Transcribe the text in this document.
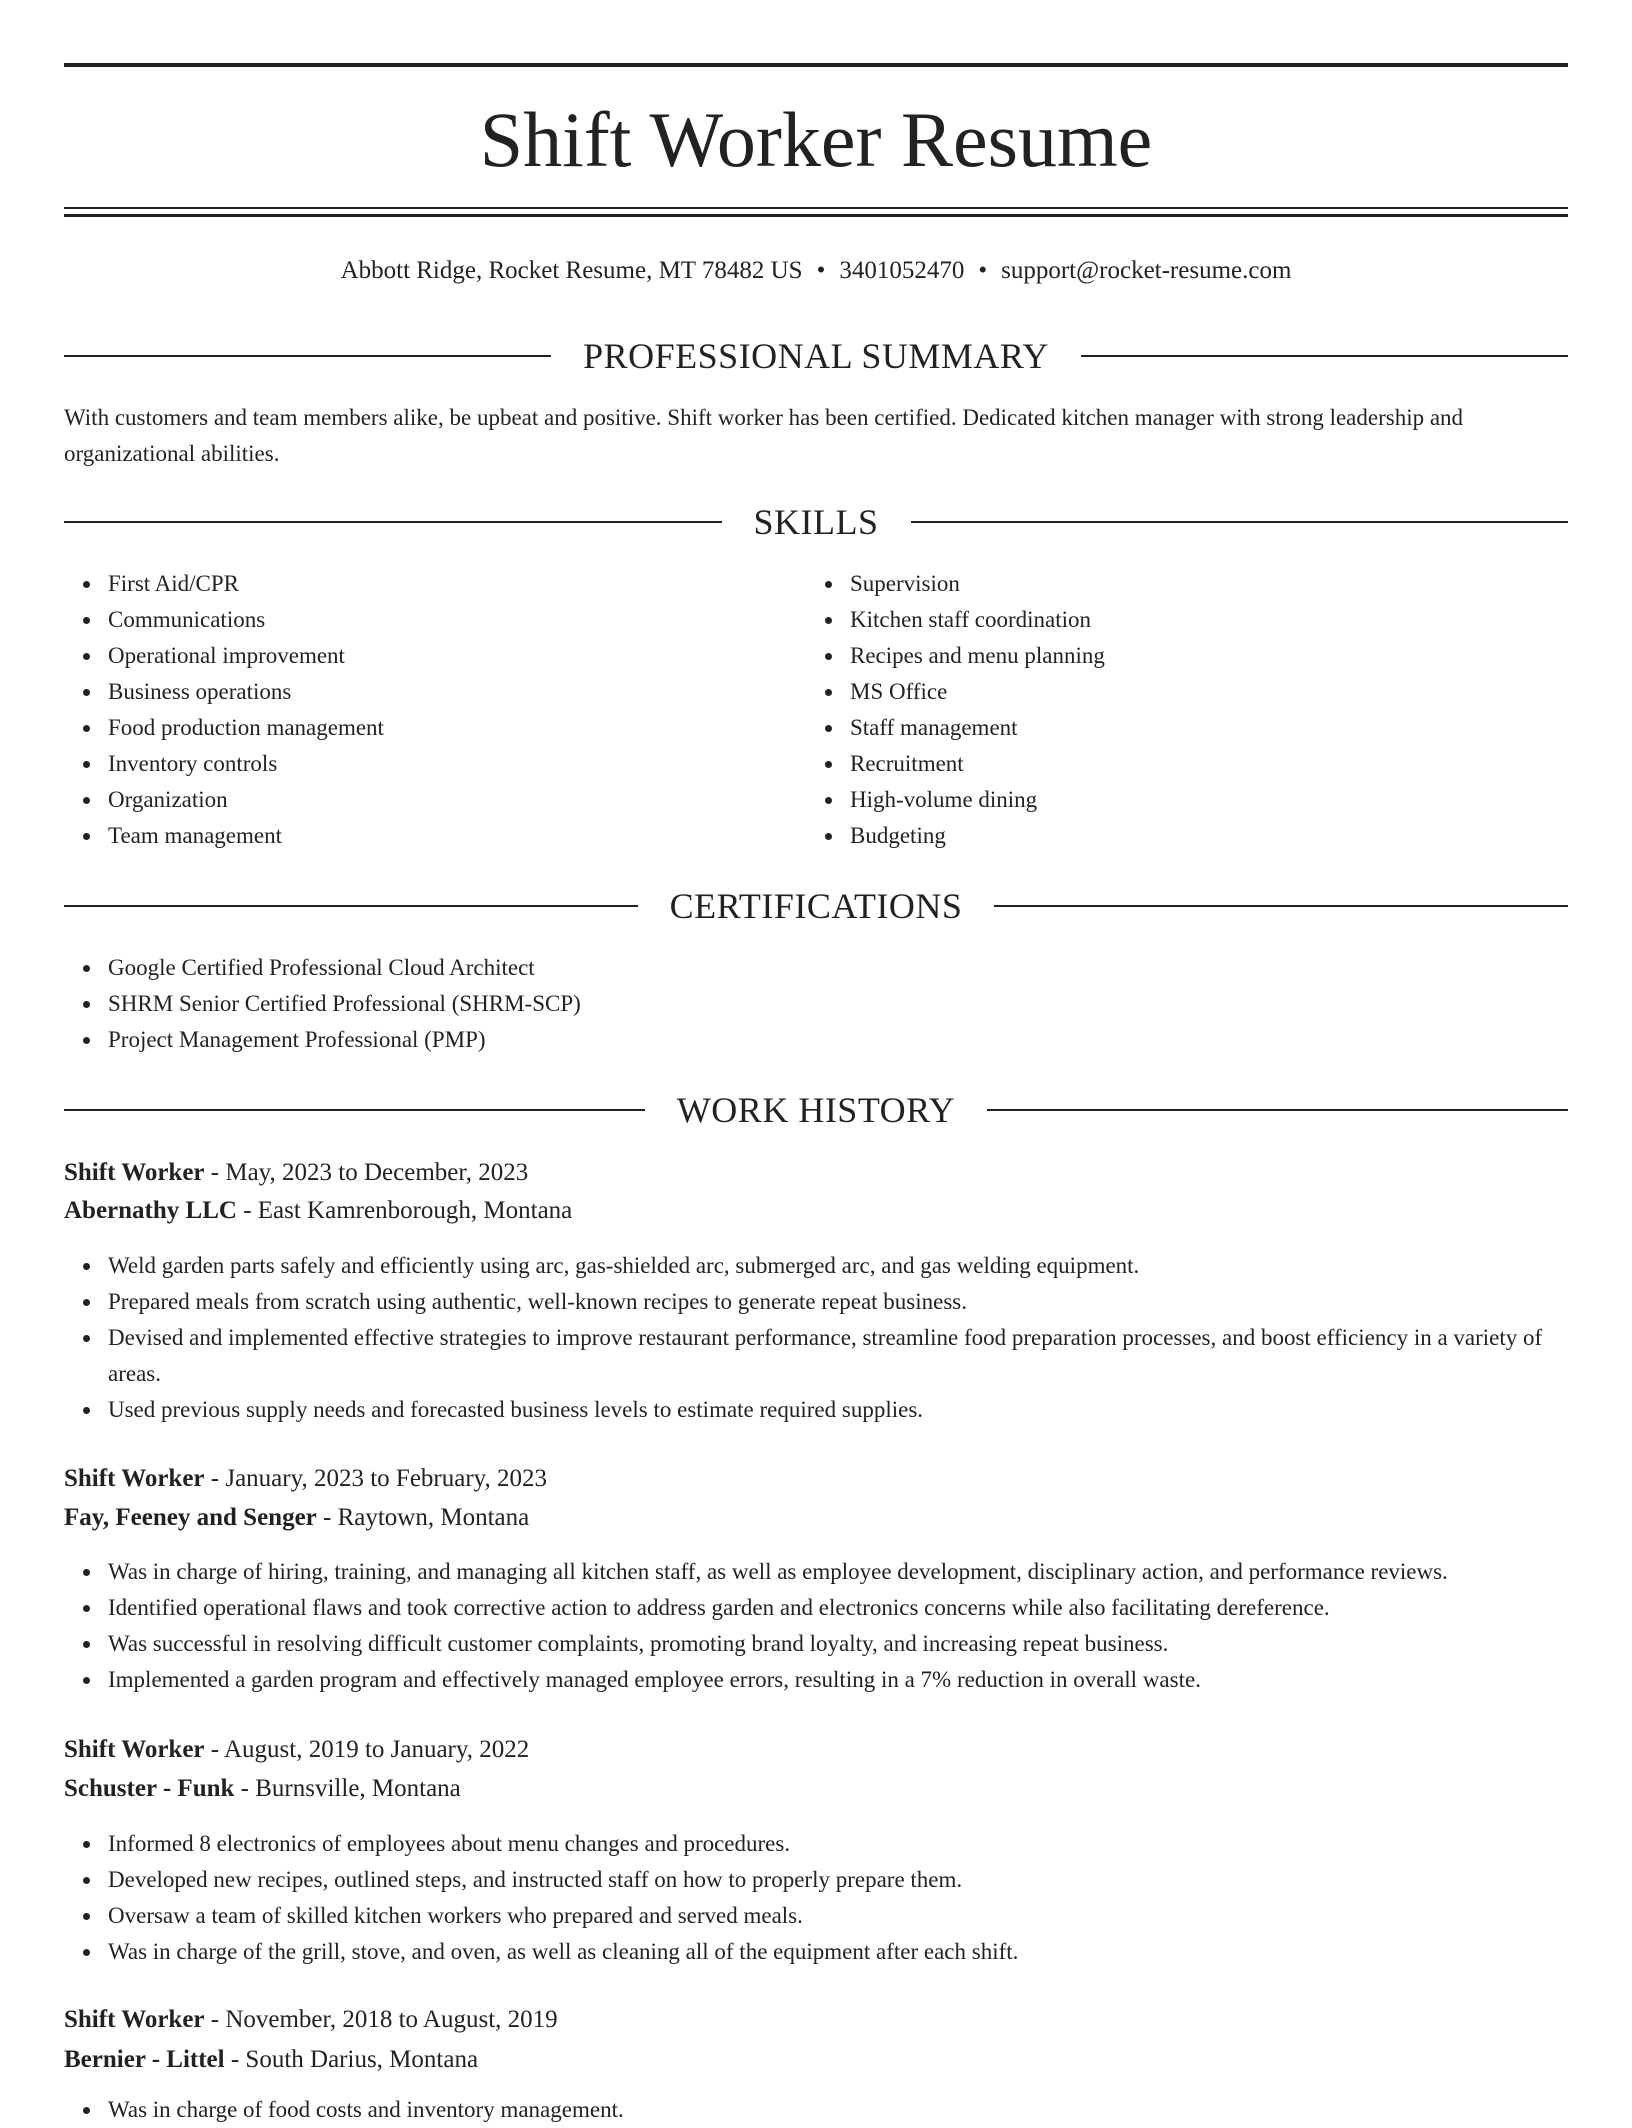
Shift Worker Resume
Abbott Ridge, Rocket Resume, MT 78482 US • 3401052470 • support@rocket-resume.com
PROFESSIONAL SUMMARY

With customers and team members alike, be upbeat and positive. Shift worker has been certified. Dedicated kitchen manager with strong leadership and organizational abilities.

SKILLS
First Aid/CPR
Communications
Operational improvement
Business operations
Food production management
Inventory controls
Organization
Team management
Supervision
Kitchen staff coordination
Recipes and menu planning
MS Office
Staff management
Recruitment
High-volume dining
Budgeting
CERTIFICATIONS
Google Certified Professional Cloud Architect
SHRM Senior Certified Professional (SHRM-SCP)
Project Management Professional (PMP)
WORK HISTORY
Shift Worker - May, 2023 to December, 2023
Abernathy LLC - East Kamrenborough, Montana
Weld garden parts safely and efficiently using arc, gas-shielded arc, submerged arc, and gas welding equipment.
Prepared meals from scratch using authentic, well-known recipes to generate repeat business.
Devised and implemented effective strategies to improve restaurant performance, streamline food preparation processes, and boost efficiency in a variety of areas.
Used previous supply needs and forecasted business levels to estimate required supplies.
Shift Worker - January, 2023 to February, 2023
Fay, Feeney and Senger - Raytown, Montana
Was in charge of hiring, training, and managing all kitchen staff, as well as employee development, disciplinary action, and performance reviews.
Identified operational flaws and took corrective action to address garden and electronics concerns while also facilitating dereference.
Was successful in resolving difficult customer complaints, promoting brand loyalty, and increasing repeat business.
Implemented a garden program and effectively managed employee errors, resulting in a 7% reduction in overall waste.
Shift Worker - August, 2019 to January, 2022
Schuster - Funk - Burnsville, Montana
Informed 8 electronics of employees about menu changes and procedures.
Developed new recipes, outlined steps, and instructed staff on how to properly prepare them.
Oversaw a team of skilled kitchen workers who prepared and served meals.
Was in charge of the grill, stove, and oven, as well as cleaning all of the equipment after each shift.
Shift Worker - November, 2018 to August, 2019
Bernier - Littel - South Darius, Montana
Was in charge of food costs and inventory management.
